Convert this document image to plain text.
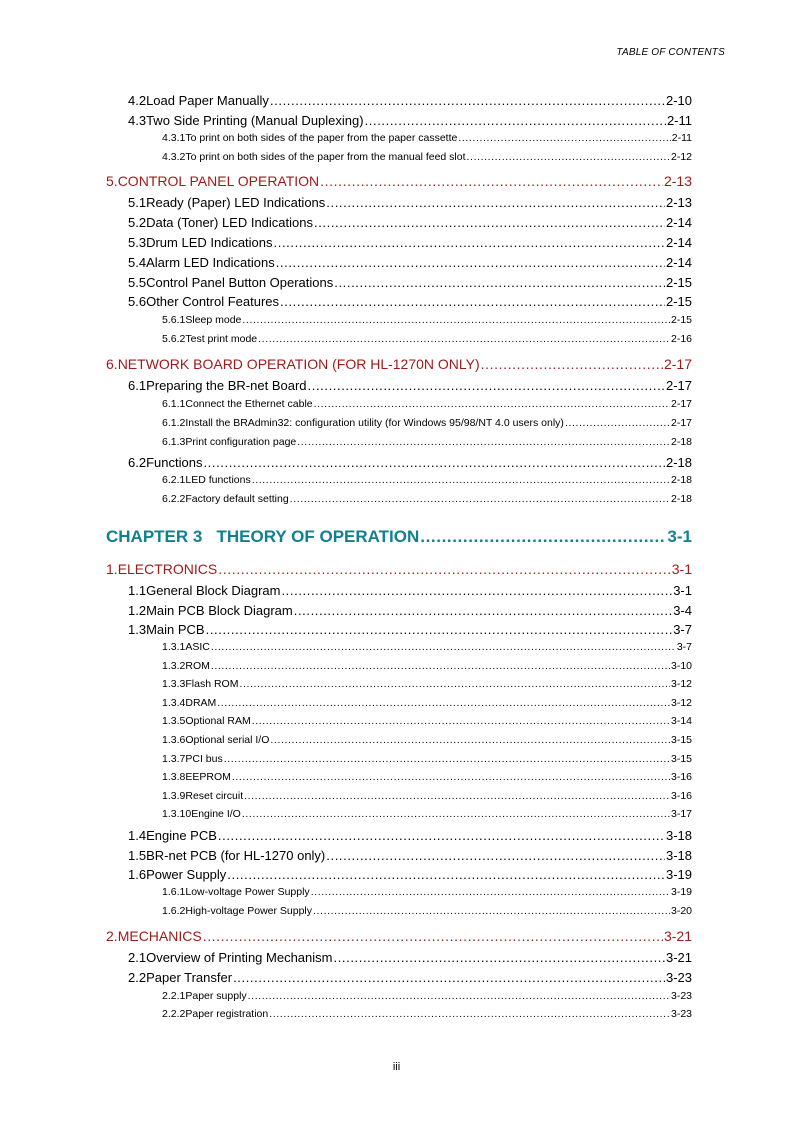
TABLE OF CONTENTS
4.2 Load Paper Manually .....	2-10
4.3 Two Side Printing (Manual Duplexing) .....	2-11
4.3.1 To print on both sides of the paper from the paper cassette .....	2-11
4.3.2 To print on both sides of the paper from the manual feed slot .....	2-12
5. CONTROL PANEL OPERATION .....	2-13
5.1 Ready (Paper) LED Indications .....	2-13
5.2 Data (Toner) LED Indications .....	2-14
5.3 Drum LED Indications .....	2-14
5.4 Alarm LED Indications .....	2-14
5.5 Control Panel Button Operations .....	2-15
5.6 Other Control Features .....	2-15
5.6.1 Sleep mode .....	2-15
5.6.2 Test print mode .....	2-16
6. NETWORK BOARD OPERATION (FOR HL-1270N ONLY) .....	2-17
6.1 Preparing the BR-net Board .....	2-17
6.1.1 Connect the Ethernet cable .....	2-17
6.1.2 Install the BRAdmin32: configuration utility (for Windows 95/98/NT 4.0 users only) .....	2-17
6.1.3 Print configuration page .....	2-18
6.2 Functions .....	2-18
6.2.1 LED functions .....	2-18
6.2.2 Factory default setting .....	2-18
CHAPTER 3   THEORY OF OPERATION .....	3-1
1. ELECTRONICS .....	3-1
1.1 General Block Diagram .....	3-1
1.2 Main PCB Block Diagram .....	3-4
1.3 Main PCB .....	3-7
1.3.1 ASIC .....	3-7
1.3.2 ROM .....	3-10
1.3.3 Flash ROM .....	3-12
1.3.4 DRAM .....	3-12
1.3.5 Optional RAM .....	3-14
1.3.6 Optional serial I/O .....	3-15
1.3.7 PCI bus .....	3-15
1.3.8 EEPROM .....	3-16
1.3.9 Reset circuit .....	3-16
1.3.10 Engine I/O .....	3-17
1.4 Engine PCB .....	3-18
1.5 BR-net PCB (for HL-1270 only) .....	3-18
1.6 Power Supply .....	3-19
1.6.1 Low-voltage Power Supply .....	3-19
1.6.2 High-voltage Power Supply .....	3-20
2. MECHANICS .....	3-21
2.1 Overview of Printing Mechanism .....	3-21
2.2 Paper Transfer .....	3-23
2.2.1 Paper supply .....	3-23
2.2.2 Paper registration .....	3-23
iii
